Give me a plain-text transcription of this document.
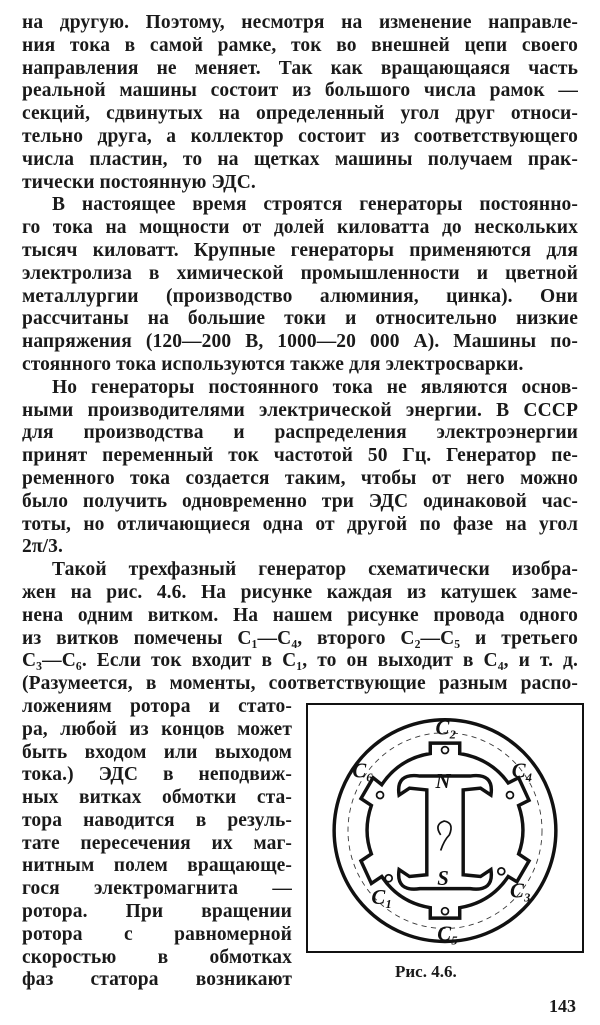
на другую. Поэтому, несмотря на изменение направле-
ния тока в самой рамке, ток во внешней цепи своего
направления не меняет. Так как вращающаяся часть
реальной машины состоит из большого числа рамок —
секций, сдвинутых на определенный угол друг относи-
тельно друга, а коллектор состоит из соответствующего
числа пластин, то на щетках машины получаем прак-
тически постоянную ЭДС.
В настоящее время строятся генераторы постоянно-
го тока на мощности от долей киловатта до нескольких
тысяч киловатт. Крупные генераторы применяются для
электролиза в химической промышленности и цветной
металлургии (производство алюминия, цинка). Они
рассчитаны на большие токи и относительно низкие
напряжения (120—200 В, 1000—20 000 А). Машины по-
стоянного тока используются также для электросварки.
Но генераторы постоянного тока не являются основ-
ными производителями электрической энергии. В СССР
для производства и распределения электроэнергии
принят переменный ток частотой 50 Гц. Генератор пе-
ременного тока создается таким, чтобы от него можно
было получить одновременно три ЭДС одинаковой час-
тоты, но отличающиеся одна от другой по фазе на угол
2π/3.
Такой трехфазный генератор схематически изобра-
жен на рис. 4.6. На рисунке каждая из катушек заме-
нена одним витком. На нашем рисунке провода одного
из витков помечены C₁—C₄, второго C₂—C₅ и третьего
C₃—C₆. Если ток входит в C₁, то он выходит в C₄, и т. д.
(Разумеется, в моменты, соответствующие разным распо-
ложениям ротора и стато-
ра, любой из концов может
быть входом или выходом
тока.) ЭДС в неподвиж-
ных витках обмотки ста-
тора наводится в резуль-
тате пересечения их маг-
нитным полем вращающе-
гося электромагнита —
ротора. При вращении
ротора с равномерной
скоростью в обмотках
фаз статора возникают
C₂
C₆	C₄
N
S
C₁	C₃
C₅
Рис. 4.6.
143
